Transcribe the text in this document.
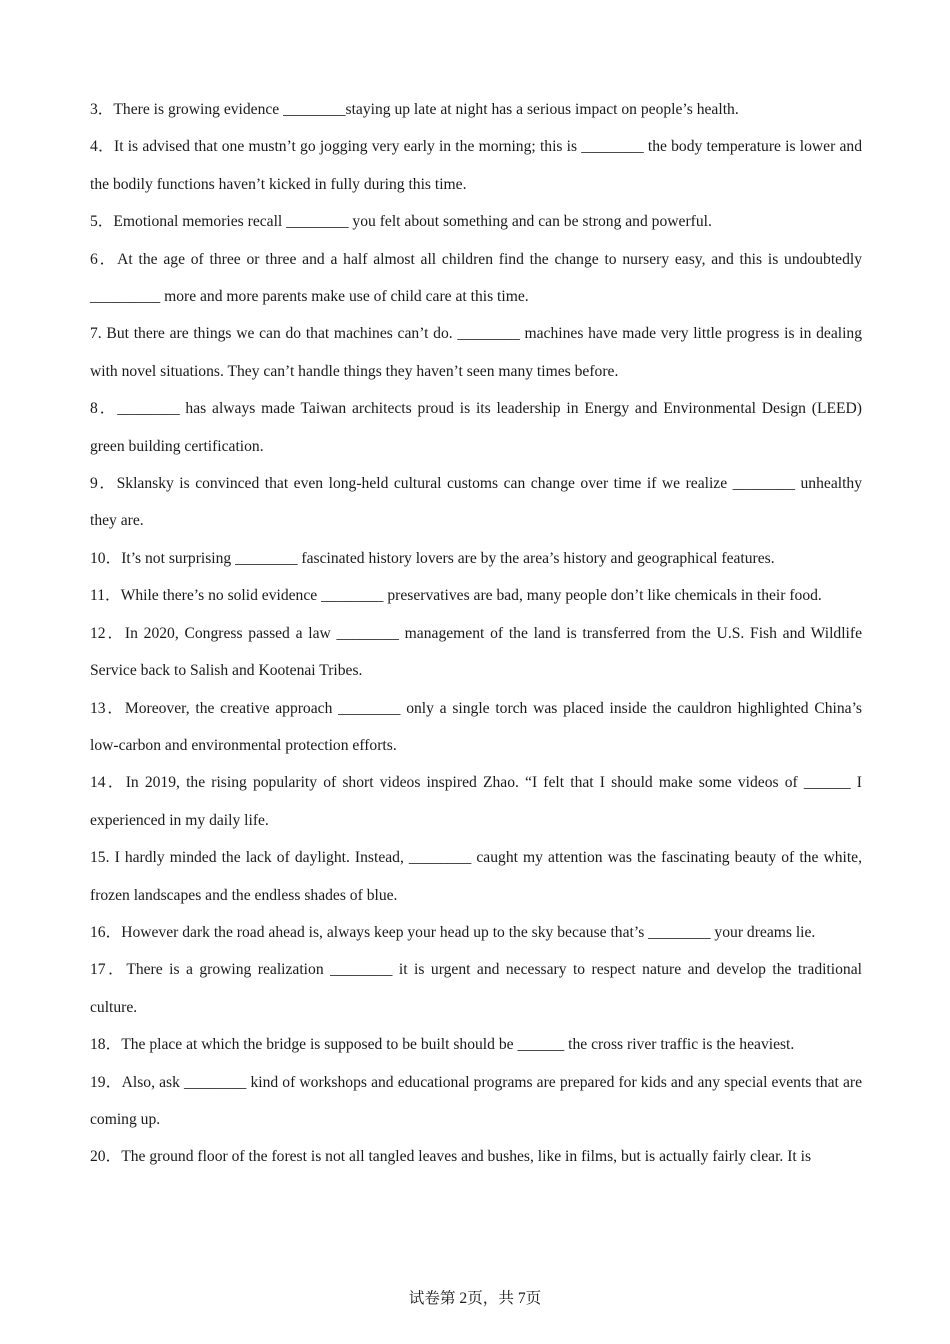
3．There is growing evidence ________staying up late at night has a serious impact on people’s health.

4．It is advised that one mustn’t go jogging very early in the morning; this is ________ the body temperature is lower and the bodily functions haven’t kicked in fully during this time.

5．Emotional memories recall ________ you felt about something and can be strong and powerful.

6．At the age of three or three and a half almost all children find the change to nursery easy, and this is undoubtedly _________ more and more parents make use of child care at this time.

7. But there are things we can do that machines can’t do. ________ machines have made very little progress is in dealing with novel situations. They can’t handle things they haven’t seen many times before.

8．________ has always made Taiwan architects proud is its leadership in Energy and Environmental Design (LEED) green building certification.

9．Sklansky is convinced that even long-held cultural customs can change over time if we realize ________ unhealthy they are.

10．It’s not surprising ________ fascinated history lovers are by the area’s history and geographical features.

11．While there’s no solid evidence ________ preservatives are bad, many people don’t like chemicals in their food.

12．In 2020, Congress passed a law ________ management of the land is transferred from the U.S. Fish and Wildlife Service back to Salish and Kootenai Tribes.

13．Moreover, the creative approach ________ only a single torch was placed inside the cauldron highlighted China’s low-carbon and environmental protection efforts.

14．In 2019, the rising popularity of short videos inspired Zhao. “I felt that I should make some videos of ______ I experienced in my daily life.

15. I hardly minded the lack of daylight. Instead, ________ caught my attention was the fascinating beauty of the white, frozen landscapes and the endless shades of blue.

16．However dark the road ahead is, always keep your head up to the sky because that’s ________ your dreams lie.

17．There is a growing realization ________ it is urgent and necessary to respect nature and develop the traditional culture.

18．The place at which the bridge is supposed to be built should be ______ the cross river traffic is the heaviest.

19．Also, ask ________ kind of workshops and educational programs are prepared for kids and any special events that are coming up.

20．The ground floor of the forest is not all tangled leaves and bushes, like in films, but is actually fairly clear. It is

试卷第 2页，共 7页
